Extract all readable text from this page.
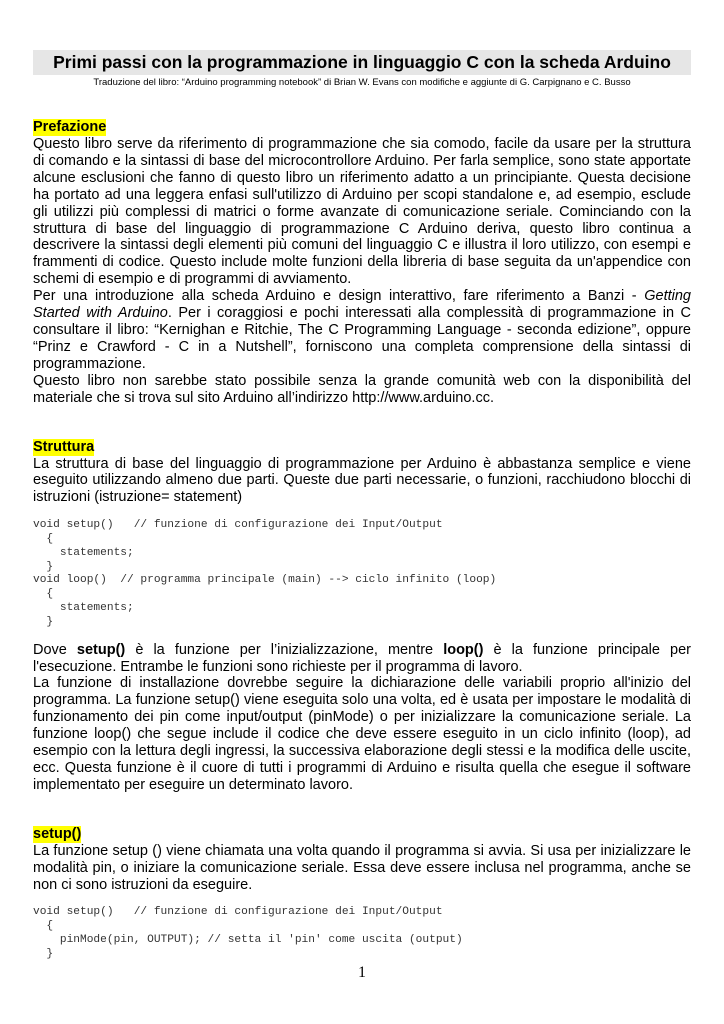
Primi passi con la programmazione in linguaggio C con la scheda Arduino
Traduzione del libro: “Arduino programming notebook” di Brian W. Evans con modifiche e aggiunte di G. Carpignano e C. Busso
Prefazione

Questo libro serve da riferimento di programmazione che sia comodo, facile da usare per la struttura di comando e la sintassi di base del microcontrollore Arduino. Per farla semplice, sono state apportate alcune esclusioni che fanno di questo libro un riferimento adatto a un principiante. Questa decisione ha portato ad una leggera enfasi sull'utilizzo di Arduino per scopi standalone e, ad esempio, esclude gli utilizzi più complessi di matrici o forme avanzate di comunicazione seriale. Cominciando con la struttura di base del linguaggio di programmazione C Arduino deriva, questo libro continua a descrivere la sintassi degli elementi più comuni del linguaggio C e illustra il loro utilizzo, con esempi e frammenti di codice. Questo include molte funzioni della libreria di base seguita da un'appendice con schemi di esempio e di programmi di avviamento.

Per una introduzione alla scheda Arduino e design interattivo, fare riferimento a Banzi - Getting Started with Arduino. Per i coraggiosi e pochi interessati alla complessità di programmazione in C consultare il libro: “Kernighan e Ritchie, The C Programming Language - seconda edizione”, oppure “Prinz e Crawford - C in a Nutshell”, forniscono una completa comprensione della sintassi di programmazione.

Questo libro non sarebbe stato possibile senza la grande comunità web con la disponibilità del materiale che si trova sul sito Arduino all’indirizzo http://www.arduino.cc.

Struttura

La struttura di base del linguaggio di programmazione per Arduino è abbastanza semplice e viene eseguito utilizzando almeno due parti. Queste due parti necessarie, o funzioni, racchiudono blocchi di istruzioni (istruzione= statement)

void setup()   // funzione di configurazione dei Input/Output
{
statements;
}
void loop()  // programma principale (main) --> ciclo infinito (loop)
{
statements;
}

Dove setup() è la funzione per l’inizializzazione, mentre loop() è la funzione principale per l'esecuzione. Entrambe le funzioni sono richieste per il programma di lavoro.

La funzione di installazione dovrebbe seguire la dichiarazione delle variabili proprio all'inizio del programma. La funzione setup() viene eseguita solo una volta, ed è usata per impostare le modalità di funzionamento dei pin come input/output (pinMode) o per inizializzare la comunicazione seriale. La funzione loop() che segue include il codice che deve essere eseguito in un ciclo infinito (loop), ad esempio con la lettura degli ingressi, la successiva elaborazione degli stessi e la modifica delle uscite, ecc. Questa funzione è il cuore di tutti i programmi di Arduino e risulta quella che esegue il software implementato per eseguire un determinato lavoro.

setup()

La funzione setup () viene chiamata una volta quando il programma si avvia. Si usa per inizializzare le modalità pin, o iniziare la comunicazione seriale. Essa deve essere inclusa nel programma, anche se non ci sono istruzioni da eseguire.

void setup()   // funzione di configurazione dei Input/Output
{
pinMode(pin, OUTPUT); // setta il 'pin' come uscita (output)
}
1
